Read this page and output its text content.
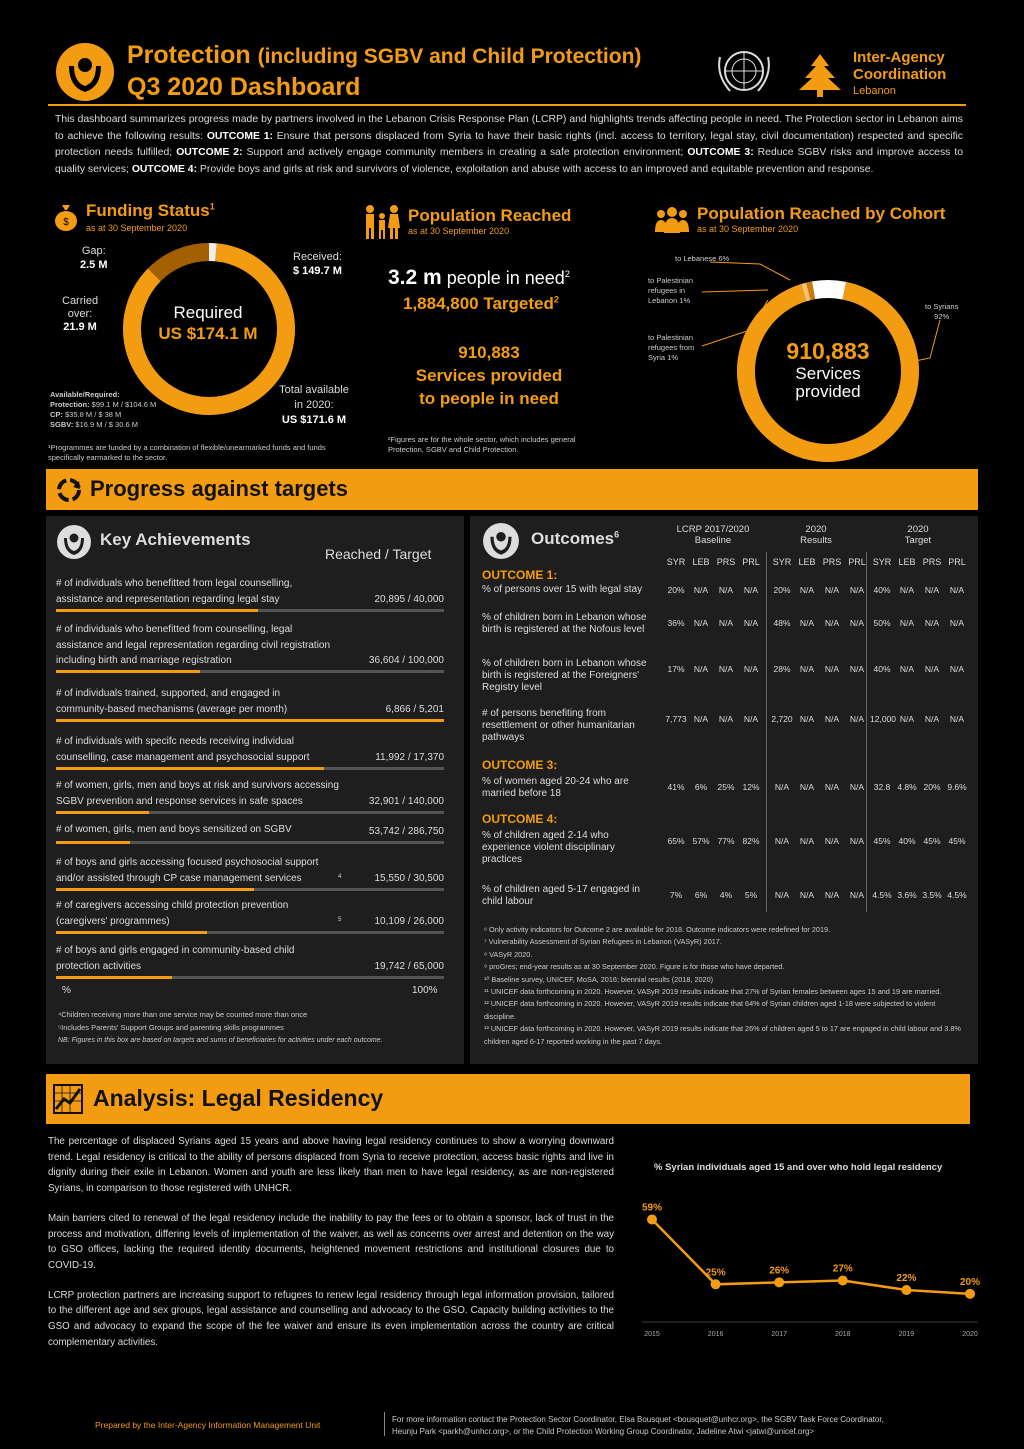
Protection (including SGBV and Child Protection)
Q3 2020 Dashboard
Inter-Agency
Coordination
Lebanon
This dashboard summarizes progress made by partners involved in the Lebanon Crisis Response Plan (LCRP) and highlights trends affecting people in need. The Protection sector in Lebanon aims to achieve the following results: OUTCOME 1: Ensure that persons displaced from Syria to have their basic rights (incl. access to territory, legal stay, civil documentation) respected and specific protection needs fulfilled; OUTCOME 2: Support and actively engage community members in creating a safe protection environment; OUTCOME 3: Reduce SGBV risks and improve access to quality services; OUTCOME 4: Provide boys and girls at risk and survivors of violence, exploitation and abuse with access to an improved and equitable prevention and response.
$
Funding Status$^1$
as at 30 September 2020
Required
US $174.1 M
Gap:
2.5 M
Received:
$ 149.7 M
Carried
over:
21.9 M
Total available
in 2020:
US $171.6 M
Available/Required:
Protection: $99.1 M / $104.6 M
CP: $35.8 M / $ 38 M
SGBV: $16.9 M / $ 30.6 M
¹Programmes are funded by a combination of flexible/unearmarked funds and funds specifically earmarked to the sector.
Population Reached
as at 30 September 2020
3.2 m people in need$^2$
1,884,800 Targeted$^2$
910,883
Services provided
to people in need
²Figures are for the whole sector, which includes general Protection, SGBV and Child Protection.
Population Reached by Cohort
as at 30 September 2020
910,883
Services
provided
to Lebanese 6%
to Palestinian
refugees in
Lebanon 1%
to Palestinian
refugees from
Syria 1%
to Syrians
92%
Progress against targets
Key Achievements
Reached / Target
# of individuals who benefitted from legal counselling,
assistance and representation regarding legal stay	20,895 / 40,000
# of individuals who benefitted from counselling, legal
assistance and legal representation regarding civil registration
including birth and marriage registration	36,604 / 100,000
# of individuals trained, supported, and engaged in
community-based mechanisms (average per month)	6,866 / 5,201
# of individuals with specifc needs receiving individual
counselling, case management and psychosocial support	11,992 / 17,370
# of women, girls, men and boys at risk and survivors accessing
SGBV prevention and response services in safe spaces	32,901 / 140,000
# of women, girls, men and boys sensitized on SGBV	53,742 / 286,750
# of boys and girls accessing focused psychosocial support
and/or assisted through CP case management services	4	15,550 / 30,500
# of caregivers accessing child protection prevention
(caregivers' programmes)	5	10,109 / 26,000
# of boys and girls engaged in community-based child
protection activities	19,742 / 65,000
%	100%
⁴Children receiving more than one service may be counted more than once
⁵Includes Parents' Support Groups and parenting skills programmes
NB: Figures in this box are based on targets and sums of beneficiaries for activities under each outcome.
Outcomes$^6$	LCRP 2017/2020
Baseline
2020
Results
2020
Target
SYR LEB PRS PRL	SYR LEB PRS PRL SYR LEB PRS PRL
OUTCOME 1:
OUTCOME 3:
OUTCOME 4:
% of persons over 15 with legal stay	20%	N/A	N/A	N/A	20%	N/A	N/A	N/A	40%	N/A	N/A	N/A
% of children born in Lebanon whose birth is registered at the Nofous level
36%	N/A	N/A	N/A	48%	N/A	N/A	N/A	50%	N/A	N/A	N/A
% of children born in Lebanon whose birth is registered at the Foreigners' Registry level
17%	N/A	N/A	N/A	28%	N/A	N/A	N/A	40%	N/A	N/A	N/A
# of persons benefiting from resettlement or other humanitarian pathways
7,773 N/A	N/A	N/A	2,720 N/A	N/A	N/A 12,000 N/A	N/A	N/A
% of women aged 20-24 who are married before 18
41%	6%	25% 12%	N/A	N/A	N/A	N/A	32.8 4.8% 20% 9.6%
% of children aged 2-14 who experience violent disciplinary practices
65% 57% 77% 82%	N/A	N/A	N/A	N/A	45% 40% 45% 45%
% of children aged 5-17 engaged in child labour
7%	6%	4%	5%	N/A	N/A	N/A	N/A 4.5% 3.6% 3.5% 4.5%
⁶ Only activity indicators for Outcome 2 are available for 2018. Outcome indicators were redefined for 2019.
⁷ Vulnerability Assessment of Syrian Refugees in Lebanon (VASyR) 2017.
⁸ VASyR 2020.
⁹ proGres; end-year results as at 30 September 2020. Figure is for those who have departed.
¹⁰ Baseline survey, UNICEF, MoSA, 2016; biennial results (2018, 2020)
¹¹ UNICEF data forthcoming in 2020. However, VASyR 2019 results indicate that 27% of Syrian females between ages 15 and 19 are married.
¹² UNICEF data forthcoming in 2020. However, VASyR 2019 results indicate that 64% of Syrian children aged 1-18 were subjected to violent discipline.
¹³ UNICEF data forthcoming in 2020. However, VASyR 2019 results indicate that 26% of children aged 5 to 17 are engaged in child labour and 3.8% children aged 6-17 reported working in the past 7 days.
Analysis: Legal Residency

The percentage of displaced Syrians aged 15 years and above having legal residency continues to show a worrying downward trend. Legal residency is critical to the ability of persons displaced from Syria to receive protection, access basic rights and live in dignity during their exile in Lebanon. Women and youth are less likely than men to have legal residency, as are non-registered Syrians, in comparison to those registered with UNHCR.

Main barriers cited to renewal of the legal residency include the inability to pay the fees or to obtain a sponsor, lack of trust in the process and motivation, differing levels of implementation of the waiver, as well as concerns over arrest and detention on the way to GSO offices, lacking the required identity documents, heightened movement restrictions and institutional closures due to COVID-19.

LCRP protection partners are increasing support to refugees to renew legal residency through legal information provision, tailored to the different age and sex groups, legal assistance and counselling and advocacy to the GSO. Capacity building activities to the GSO and advocacy to expand the scope of the fee waiver and ensure its even implementation across the country are critical complementary activities.

% Syrian individuals aged 15 and over who hold legal residency
59%
2015
25%
2016
26%
2017
27%
2018
22%
2019
20%
2020
Prepared by the Inter-Agency Information Management Unit
For more information contact the Protection Sector Coordinator, Elsa Bousquet <bousquet@unhcr.org>, the SGBV Task Force Coordinator,
Heunju Park <parkh@unhcr.org>, or the Child Protection Working Group Coordinator, Jadeline Atwi <jatwi@unicef.org>
